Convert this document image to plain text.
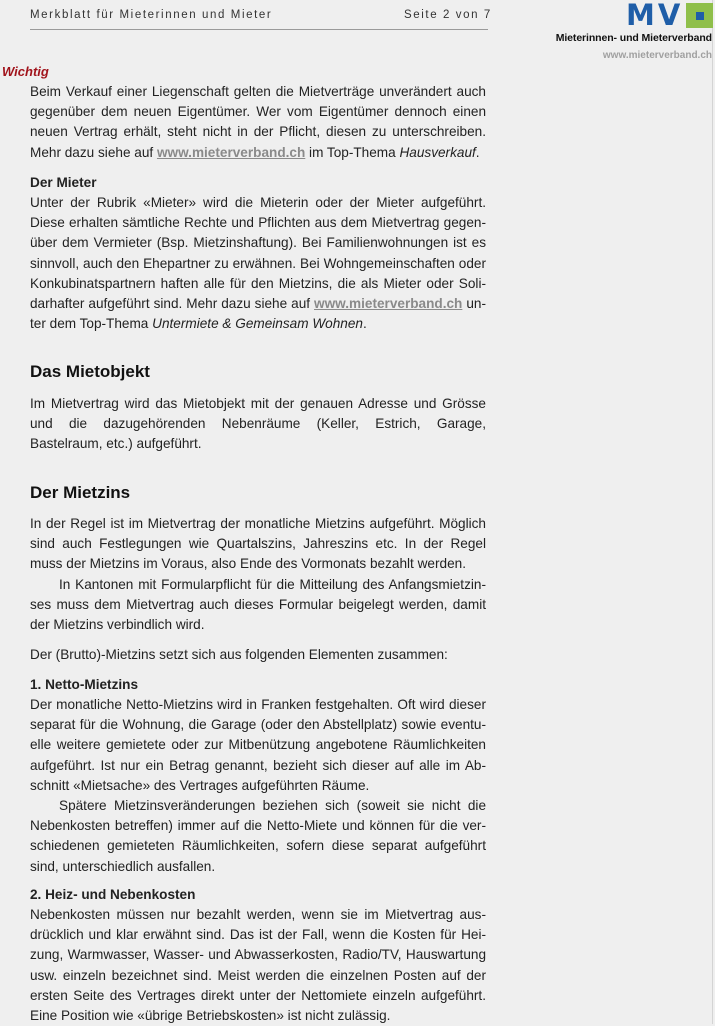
Merkblatt für Mieterinnen und Mieter	Seite 2 von 7	MV
Mieterinnen- und Mieterverband
www.mieterverband.ch
Wichtig

Beim Verkauf einer Liegenschaft gelten die Mietverträge unverändert auch gegenüber dem neuen Eigentümer. Wer vom Eigentümer dennoch einen neuen Vertrag erhält, steht nicht in der Pflicht, diesen zu unterschreiben. Mehr dazu siehe auf www.mieterverband.ch im Top-Thema Hausverkauf.

Der Mieter

Unter der Rubrik «Mieter» wird die Mieterin oder der Mieter aufgeführt. Diese erhalten sämtliche Rechte und Pflichten aus dem Mietvertrag gegenüber dem Vermieter (Bsp. Mietzinshaftung). Bei Familienwohnungen ist es sinnvoll, auch den Ehepartner zu erwähnen. Bei Wohngemeinschaften oder Konkubinatspartnern haften alle für den Mietzins, die als Mieter oder Solidarhafter aufgeführt sind. Mehr dazu siehe auf www.mieterverband.ch unter dem Top-Thema Untermiete & Gemeinsam Wohnen.

Das Mietobjekt

Im Mietvertrag wird das Mietobjekt mit der genauen Adresse und Grösse und die dazugehörenden Nebenräume (Keller, Estrich, Garage, Bastelraum, etc.) aufgeführt.

Der Mietzins

In der Regel ist im Mietvertrag der monatliche Mietzins aufgeführt. Möglich sind auch Festlegungen wie Quartalszins, Jahreszins etc. In der Regel muss der Mietzins im Voraus, also Ende des Vormonats bezahlt werden.

In Kantonen mit Formularpflicht für die Mitteilung des Anfangsmietzinses muss dem Mietvertrag auch dieses Formular beigelegt werden, damit der Mietzins verbindlich wird.

Der (Brutto)-Mietzins setzt sich aus folgenden Elementen zusammen:

1. Netto-Mietzins

Der monatliche Netto-Mietzins wird in Franken festgehalten. Oft wird dieser separat für die Wohnung, die Garage (oder den Abstellplatz) sowie eventuelle weitere gemietete oder zur Mitbenützung angebotene Räumlichkeiten aufgeführt. Ist nur ein Betrag genannt, bezieht sich dieser auf alle im Abschnitt «Mietsache» des Vertrages aufgeführten Räume.

Spätere Mietzinsveränderungen beziehen sich (soweit sie nicht die Nebenkosten betreffen) immer auf die Netto-Miete und können für die verschiedenen gemieteten Räumlichkeiten, sofern diese separat aufgeführt sind, unterschiedlich ausfallen.

2. Heiz- und Nebenkosten

Nebenkosten müssen nur bezahlt werden, wenn sie im Mietvertrag ausdrücklich und klar erwähnt sind. Das ist der Fall, wenn die Kosten für Heizung, Warmwasser, Wasser- und Abwasserkosten, Radio/TV, Hauswartung usw. einzeln bezeichnet sind. Meist werden die einzelnen Posten auf der ersten Seite des Vertrages direkt unter der Nettomiete einzeln aufgeführt. Eine Position wie «übrige Betriebskosten» ist nicht zulässig.
